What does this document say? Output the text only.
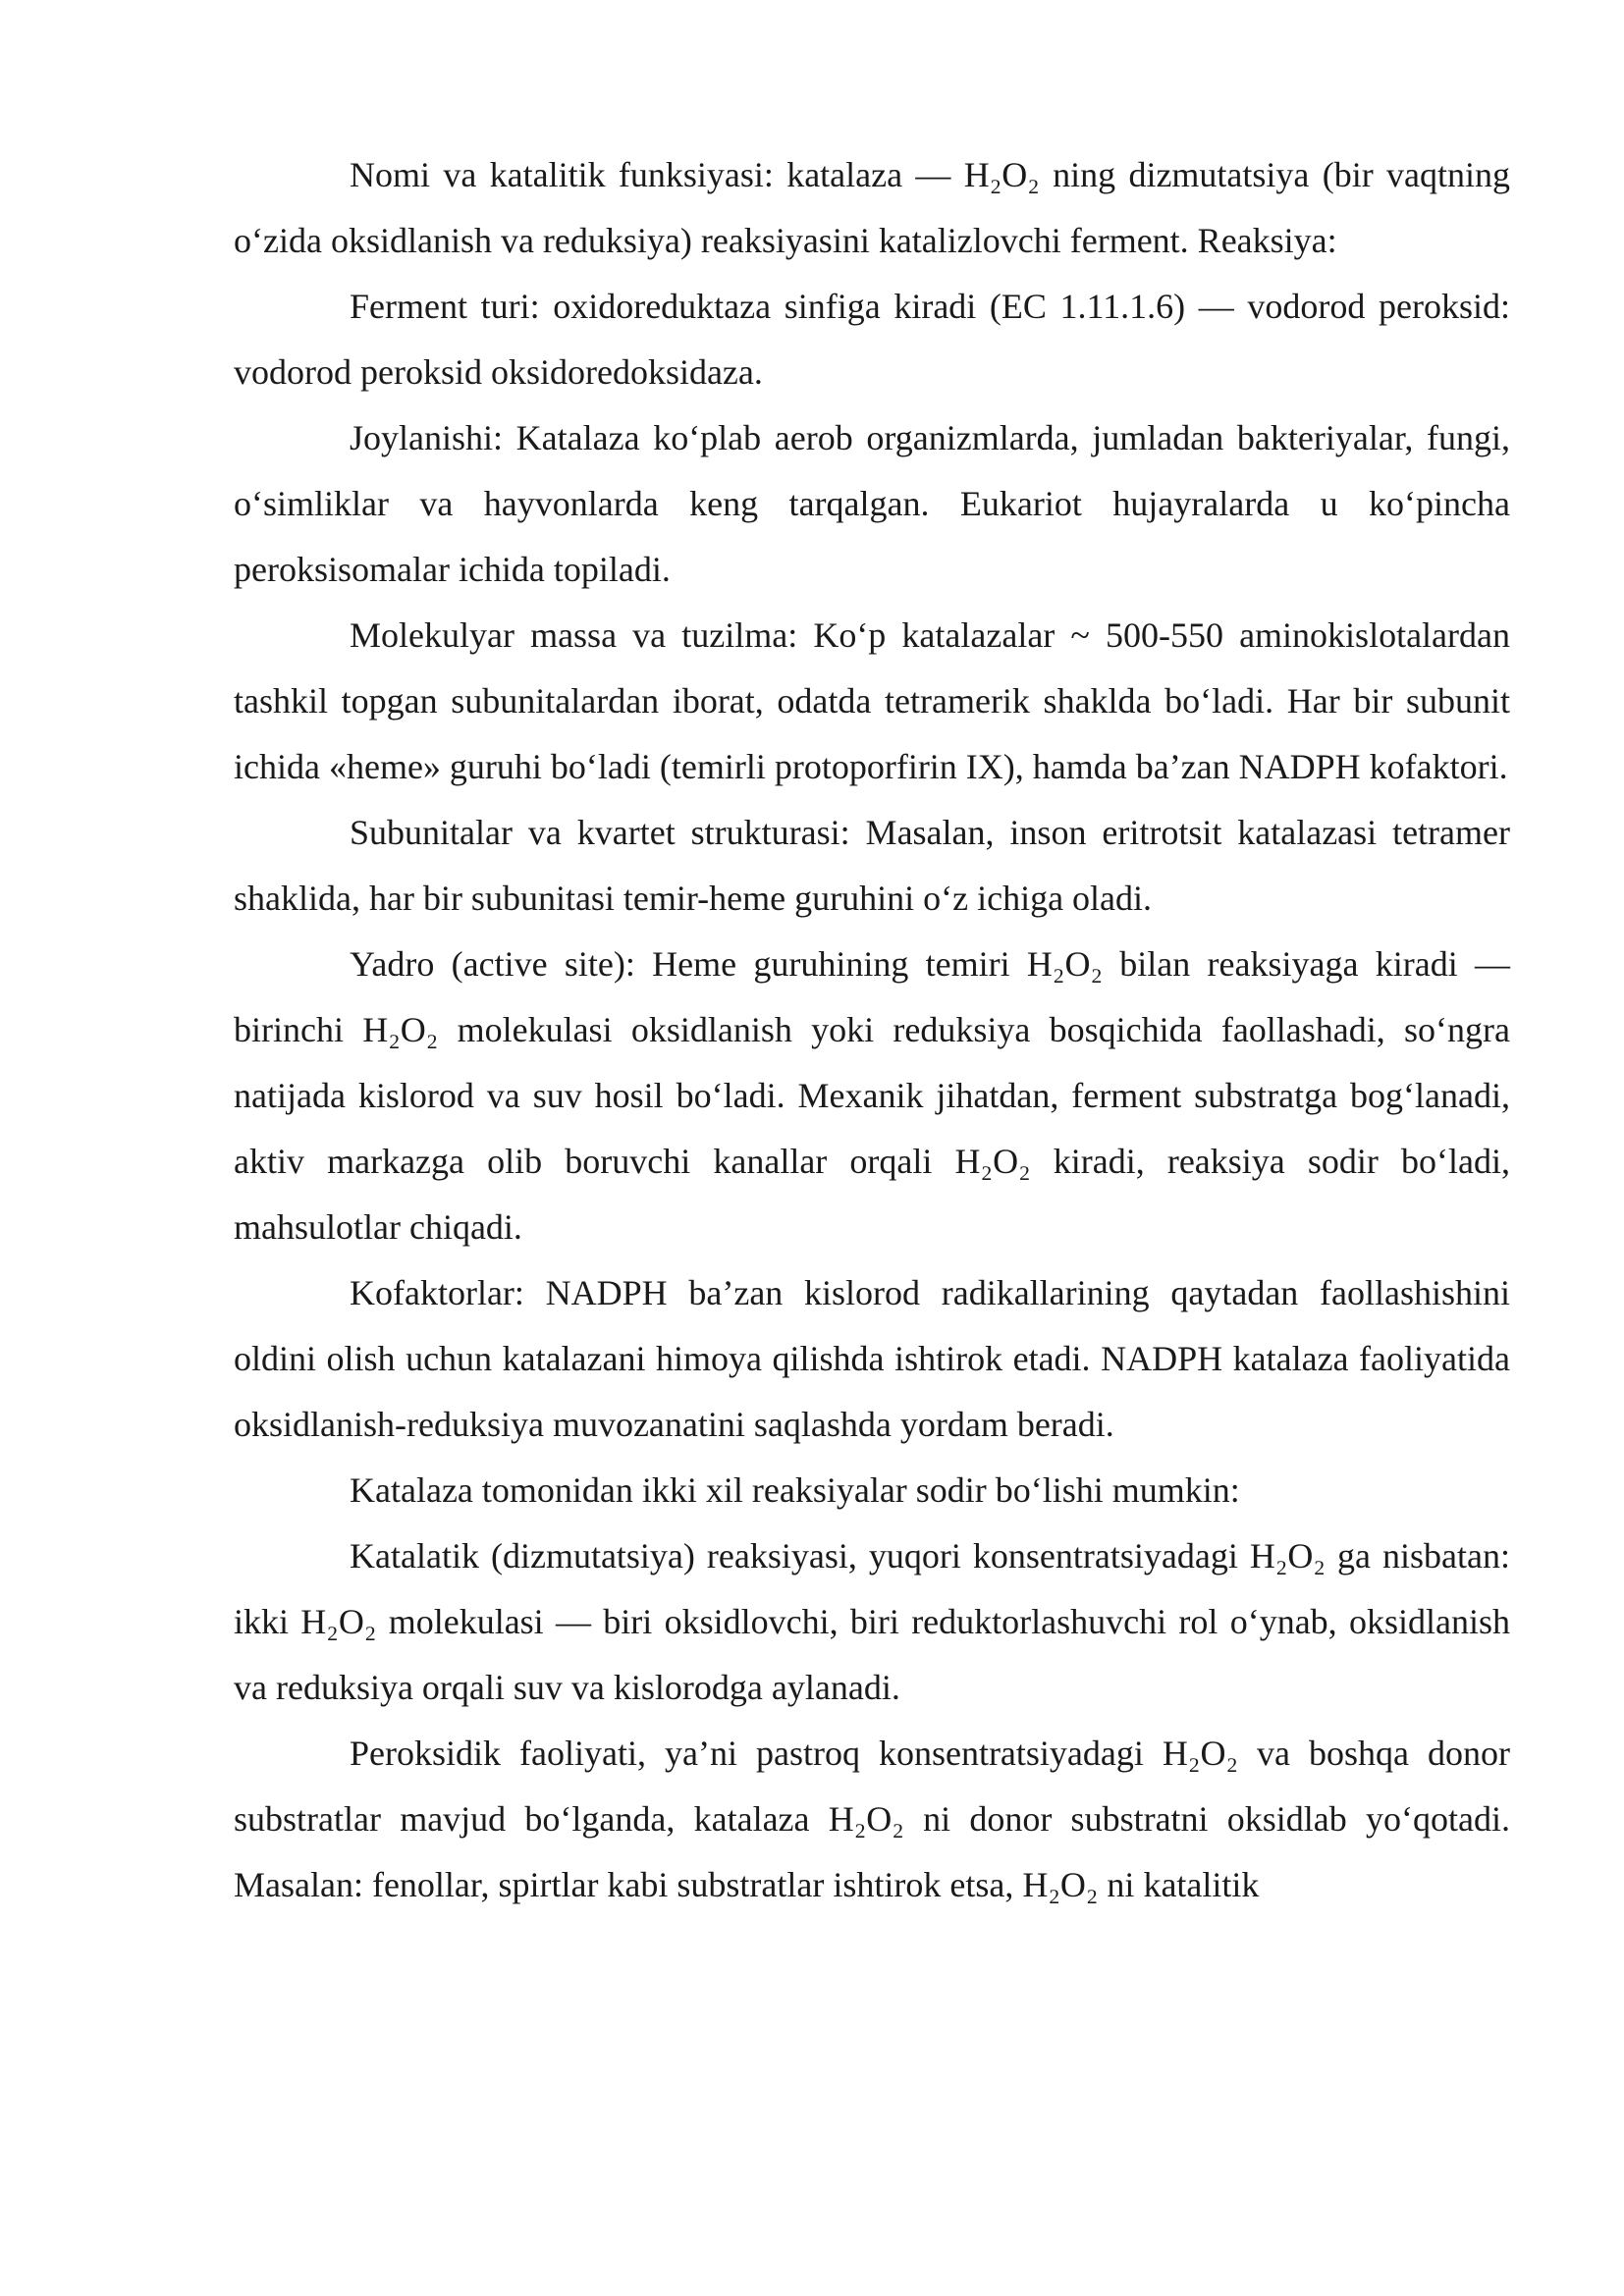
Nomi va katalitik funksiyasi: katalaza — H₂O₂ ning dizmutatsiya (bir vaqtning o‘zida oksidlanish va reduksiya) reaksiyasini katalizlovchi ferment. Reaksiya:

Ferment turi: oxidoreduktaza sinfiga kiradi (EC 1.11.1.6) — vodorod peroksid: vodorod peroksid oksidoredoksidaza.

Joylanishi: Katalaza ko‘plab aerob organizmlarda, jumladan bakteriyalar, fungi, o‘simliklar va hayvonlarda keng tarqalgan. Eukariot hujayralarda u ko‘pincha peroksisomalar ichida topiladi.

Molekulyar massa va tuzilma: Ko‘p katalazalar ~ 500-550 aminokislotalardan tashkil topgan subunitalardan iborat, odatda tetramerik shaklda bo‘ladi. Har bir subunit ichida «heme» guruhi bo‘ladi (temirli protoporfirin IX), hamda ba’zan NADPH kofaktori.

Subunitalar va kvartet strukturasi: Masalan, inson eritrotsit katalazasi tetramer shaklida, har bir subunitasi temir-heme guruhini o‘z ichiga oladi.

Yadro (active site): Heme guruhining temiri H₂O₂ bilan reaksiyaga kiradi — birinchi H₂O₂ molekulasi oksidlanish yoki reduksiya bosqichida faollashadi, so‘ngra natijada kislorod va suv hosil bo‘ladi. Mexanik jihatdan, ferment substratga bog‘lanadi, aktiv markazga olib boruvchi kanallar orqali H₂O₂ kiradi, reaksiya sodir bo‘ladi, mahsulotlar chiqadi.

Kofaktorlar: NADPH ba’zan kislorod radikallarining qaytadan faollashishini oldini olish uchun katalazani himoya qilishda ishtirok etadi. NADPH katalaza faoliyatida oksidlanish-reduksiya muvozanatini saqlashda yordam beradi.

Katalaza tomonidan ikki xil reaksiyalar sodir bo‘lishi mumkin:

Katalatik (dizmutatsiya) reaksiyasi, yuqori konsentratsiyadagi H₂O₂ ga nisbatan: ikki H₂O₂ molekulasi — biri oksidlovchi, biri reduktorlashuvchi rol o‘ynab, oksidlanish va reduksiya orqali suv va kislorodga aylanadi.

Peroksidik faoliyati, ya’ni pastroq konsentratsiyadagi H₂O₂ va boshqa donor substratlar mavjud bo‘lganda, katalaza H₂O₂ ni donor substratni oksidlab yo‘qotadi. Masalan: fenollar, spirtlar kabi substratlar ishtirok etsa, H₂O₂ ni katalitik
